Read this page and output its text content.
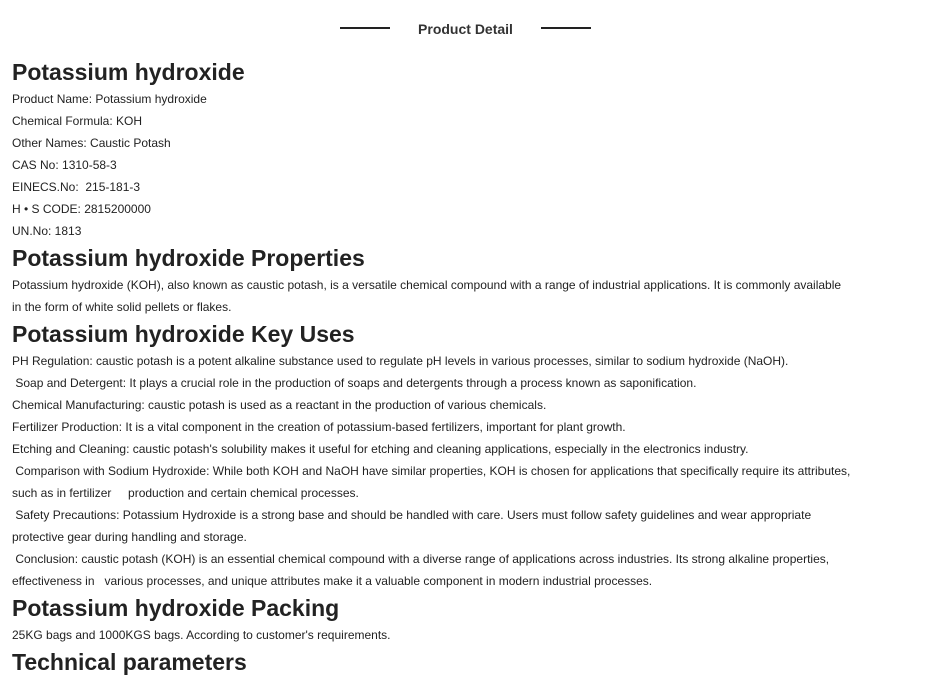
Product Detail
Potassium hydroxide

Product Name: Potassium hydroxide

Chemical Formula: KOH

Other Names: Caustic Potash

CAS No: 1310-58-3

EINECS.No:  215-181-3

H • S CODE: 2815200000

UN.No: 1813

Potassium hydroxide Properties

Potassium hydroxide (KOH), also known as caustic potash, is a versatile chemical compound with a range of industrial applications. It is commonly available

in the form of white solid pellets or flakes.

Potassium hydroxide Key Uses

PH Regulation: caustic potash is a potent alkaline substance used to regulate pH levels in various processes, similar to sodium hydroxide (NaOH).

Soap and Detergent: It plays a crucial role in the production of soaps and detergents through a process known as saponification.

Chemical Manufacturing: caustic potash is used as a reactant in the production of various chemicals.

Fertilizer Production: It is a vital component in the creation of potassium-based fertilizers, important for plant growth.

Etching and Cleaning: caustic potash's solubility makes it useful for etching and cleaning applications, especially in the electronics industry.

Comparison with Sodium Hydroxide: While both KOH and NaOH have similar properties, KOH is chosen for applications that specifically require its attributes,

such as in fertilizer     production and certain chemical processes.

Safety Precautions: Potassium Hydroxide is a strong base and should be handled with care. Users must follow safety guidelines and wear appropriate

protective gear during handling and storage.

Conclusion: caustic potash (KOH) is an essential chemical compound with a diverse range of applications across industries. Its strong alkaline properties,

effectiveness in   various processes, and unique attributes make it a valuable component in modern industrial processes.

Potassium hydroxide Packing

25KG bags and 1000KGS bags. According to customer's requirements.

Technical parameters
